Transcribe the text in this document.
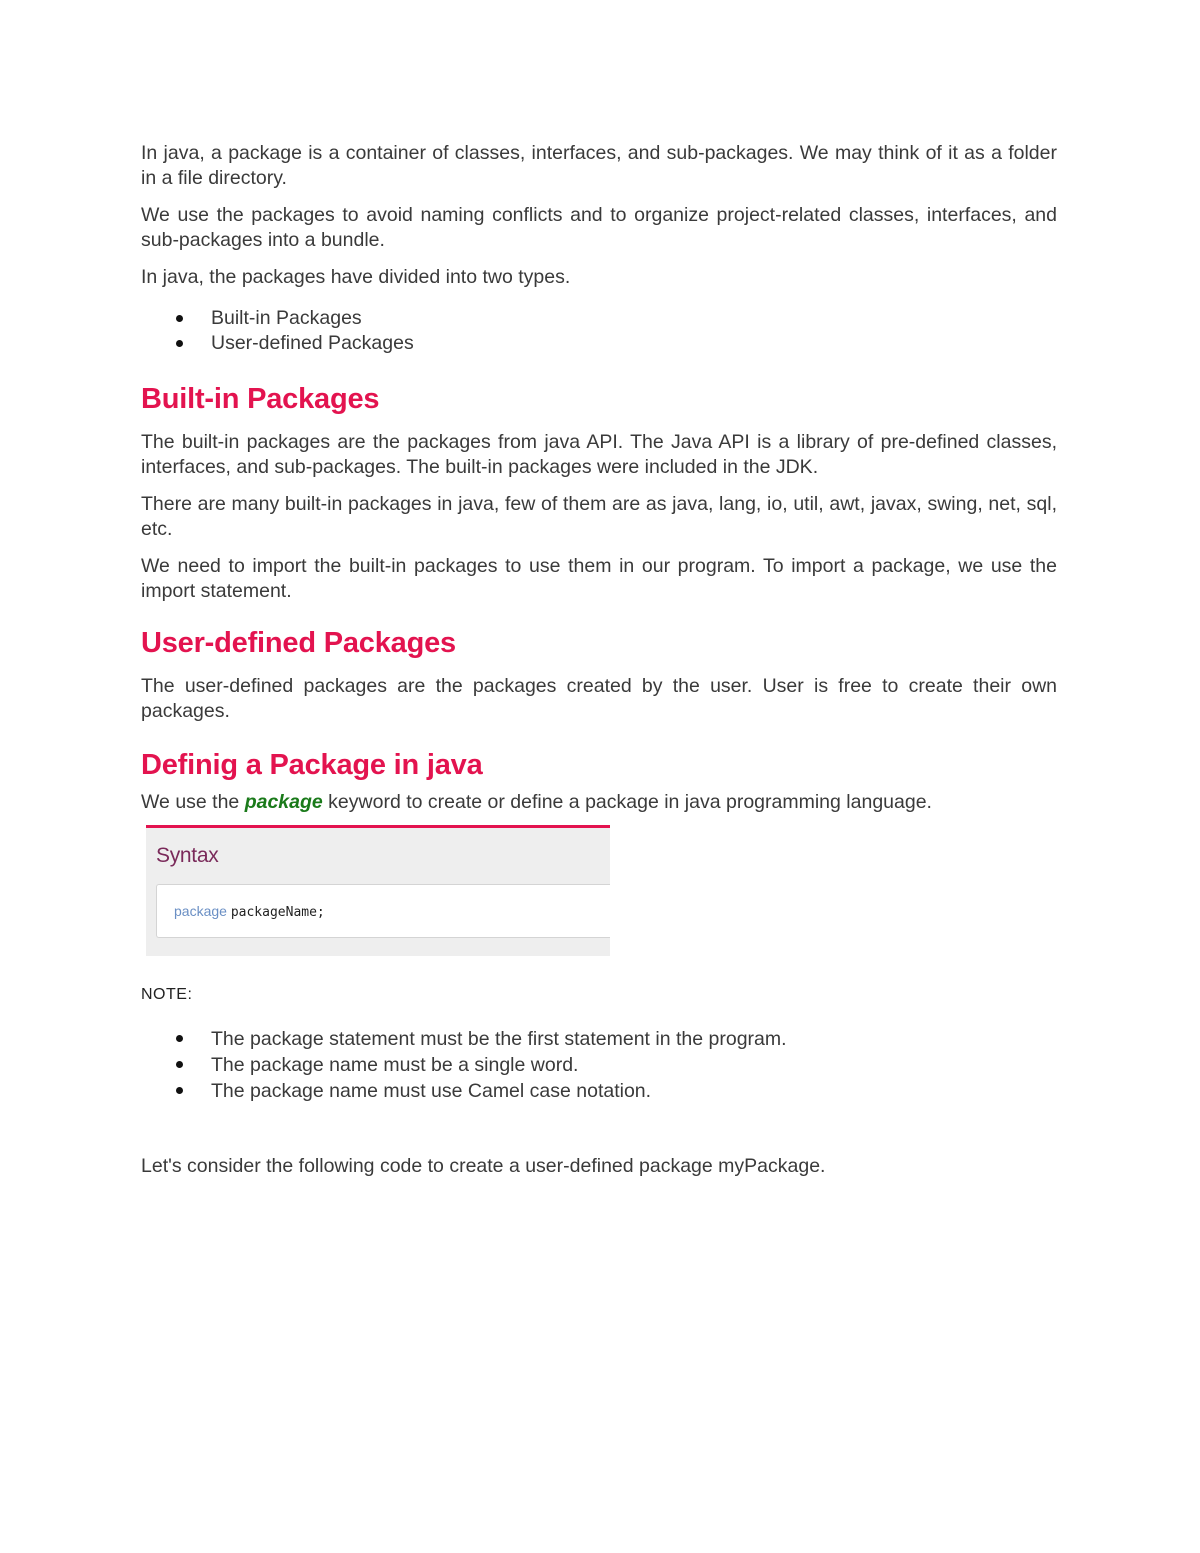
In java, a package is a container of classes, interfaces, and sub-packages. We may think of it as a folder in a file directory.

We use the packages to avoid naming conflicts and to organize project-related classes, interfaces, and sub-packages into a bundle.

In java, the packages have divided into two types.

Built-in Packages
User-defined Packages
Built-in Packages

The built-in packages are the packages from java API. The Java API is a library of pre-defined classes, interfaces, and sub-packages. The built-in packages were included in the JDK.

There are many built-in packages in java, few of them are as java, lang, io, util, awt, javax, swing, net, sql, etc.

We need to import the built-in packages to use them in our program. To import a package, we use the import statement.

User-defined Packages

The user-defined packages are the packages created by the user. User is free to create their own packages.

Definig a Package in java

We use the package keyword to create or define a package in java programming language.

Syntax
package packageName;

NOTE:

The package statement must be the first statement in the program.
The package name must be a single word.
The package name must use Camel case notation.

Let's consider the following code to create a user-defined package myPackage.
